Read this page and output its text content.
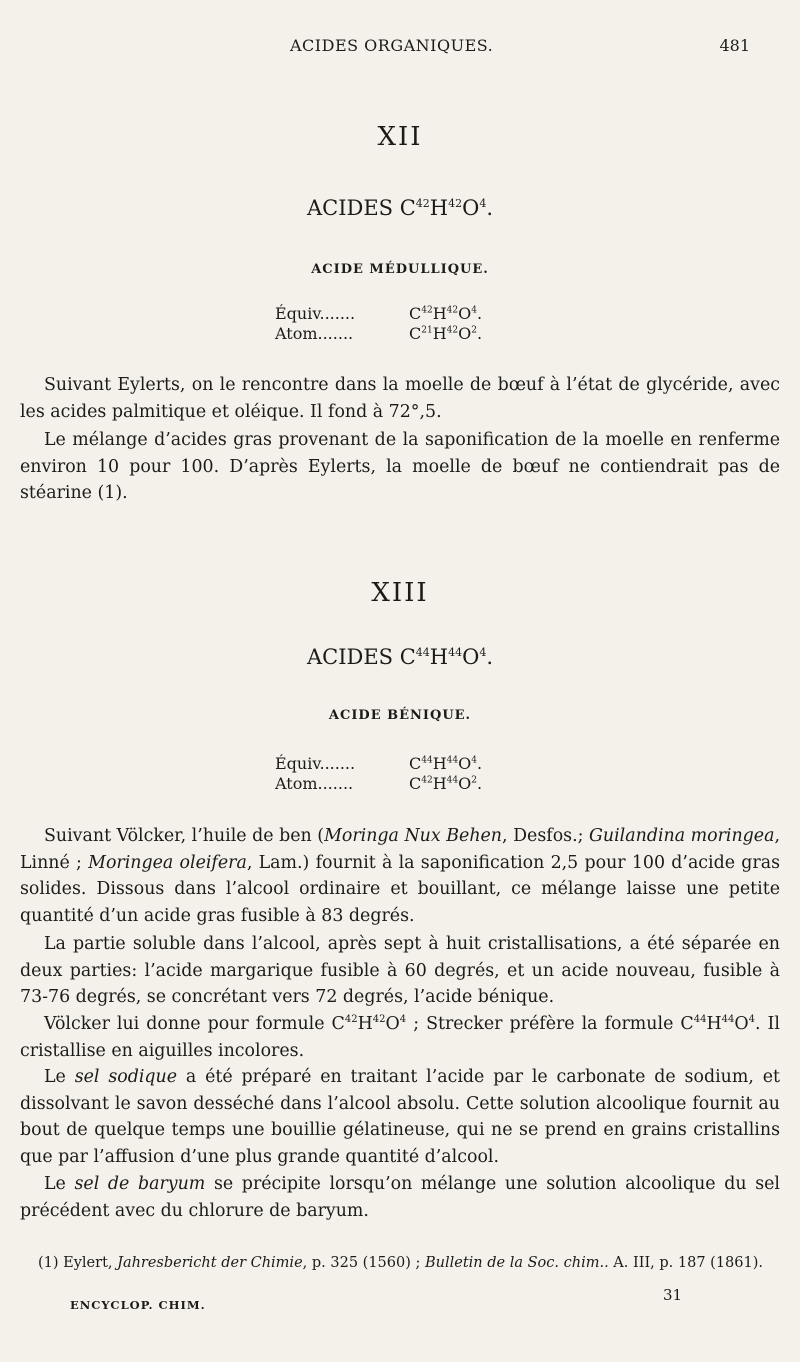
ACIDES ORGANIQUES.	481
XII
ACIDES $C^{42}H^{42}O^4$.
ACIDE MÉDULLIQUE.
Équiv.......	$C^{42}H^{42}O^4$.
Atom.......	$C^{21}H^{42}O^2$.

Suivant Eylerts, on le rencontre dans la moelle de bœuf à l’état de glycéride, avec les acides palmitique et oléique. Il fond à 72°,5.

Le mélange d’acides gras provenant de la saponification de la moelle en renferme environ 10 pour 100. D’après Eylerts, la moelle de bœuf ne contiendrait pas de stéarine (1).

XIII
ACIDES $C^{44}H^{44}O^4$.
ACIDE BÉNIQUE.
Équiv.......	$C^{44}H^{44}O^4$.
Atom.......	$C^{42}H^{44}O^2$.

Suivant Völcker, l’huile de ben (Moringa Nux Behen, Desfos.; Guilandina moringea, Linné ; Moringea oleifera, Lam.) fournit à la saponification 2,5 pour 100 d’acide gras solides. Dissous dans l’alcool ordinaire et bouillant, ce mélange laisse une petite quantité d’un acide gras fusible à 83 degrés.

La partie soluble dans l’alcool, après sept à huit cristallisations, a été séparée en deux parties: l’acide margarique fusible à 60 degrés, et un acide nouveau, fusible à 73-76 degrés, se concrétant vers 72 degrés, l’acide bénique.

Völcker lui donne pour formule $C^{42}H^{42}O^4$ ; Strecker préfère la formule $C^{44}H^{44}O^4$. Il cristallise en aiguilles incolores.

Le sel sodique a été préparé en traitant l’acide par le carbonate de sodium, et dissolvant le savon desséché dans l’alcool absolu. Cette solution alcoolique fournit au bout de quelque temps une bouillie gélatineuse, qui ne se prend en grains cristallins que par l’affusion d’une plus grande quantité d’alcool.

Le sel de baryum se précipite lorsqu’on mélange une solution alcoolique du sel précédent avec du chlorure de baryum.

(1) Eylert, Jahresbericht der Chimie, p. 325 (1560) ; Bulletin de la Soc. chim.. A. III, p. 187 (1861).
ENCYCLOP. CHIM.
31
